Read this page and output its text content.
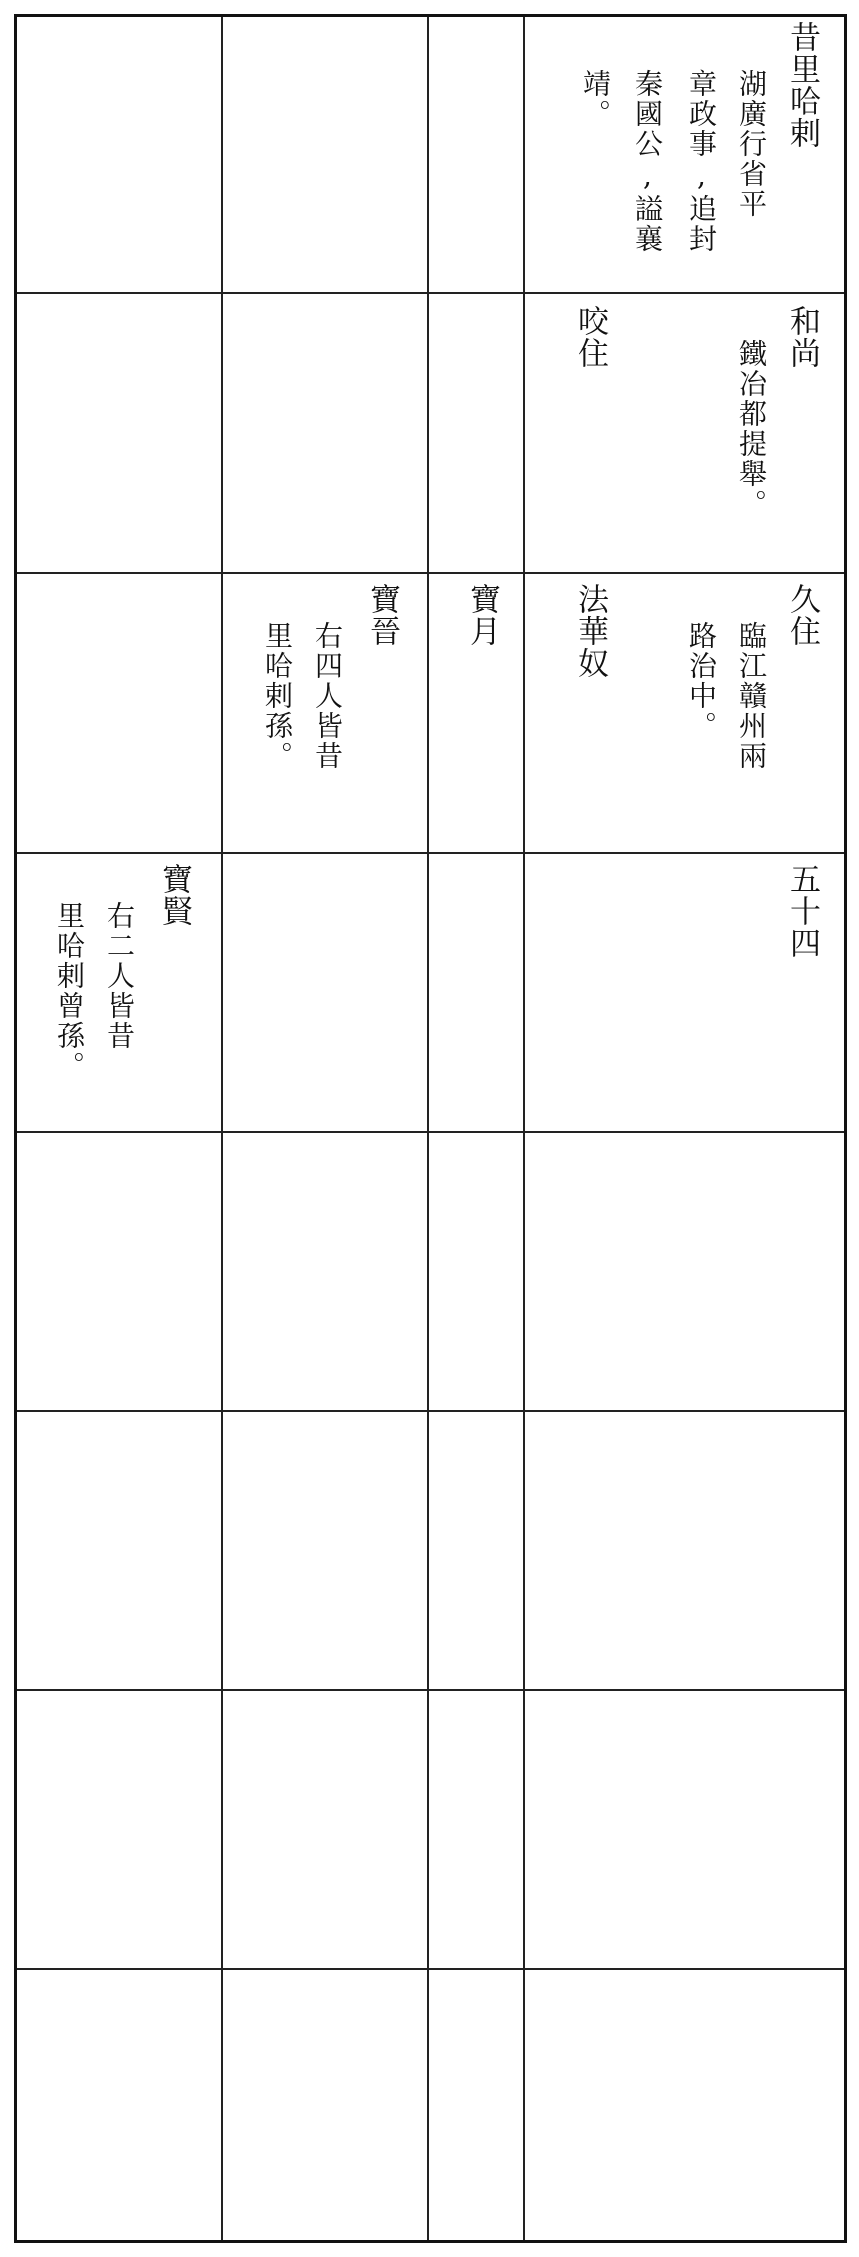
昔里哈剌
湖廣行省平
章政事,追封
秦國公,謚襄
靖。
和尚
鐵冶都提舉。
咬住
久住
臨江贛州兩
路治中。
法華奴
寶月
寶晉
右四人皆昔
里哈剌孫。
五十四
寶賢
右二人皆昔
里哈剌曾孫。
